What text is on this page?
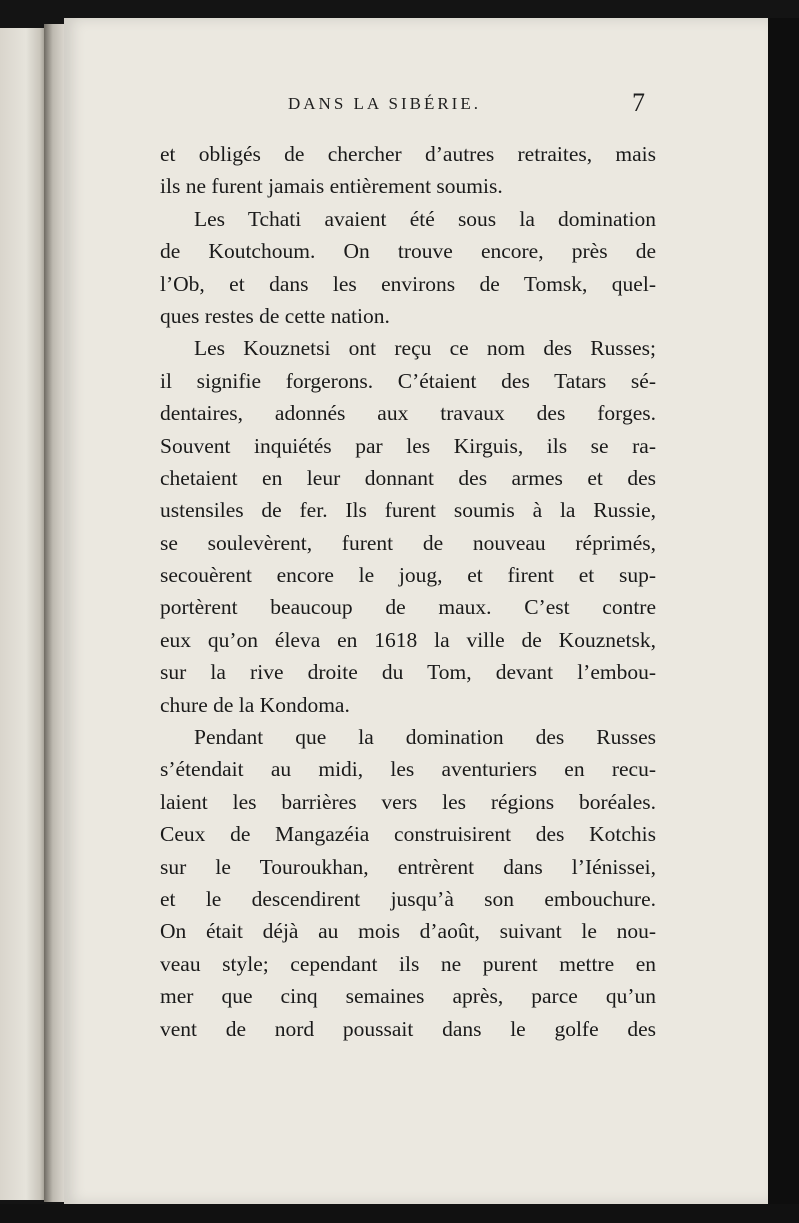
DANS LA SIBÉRIE.	7
et obligés de chercher d’autres retraites, mais
ils ne furent jamais entièrement soumis.
Les Tchati avaient été sous la domination
de Koutchoum. On trouve encore, près de
l’Ob, et dans les environs de Tomsk, quel-
ques restes de cette nation.
Les Kouznetsi ont reçu ce nom des Russes;
il signifie forgerons. C’étaient des Tatars sé-
dentaires, adonnés aux travaux des forges.
Souvent inquiétés par les Kirguis, ils se ra-
chetaient en leur donnant des armes et des
ustensiles de fer. Ils furent soumis à la Russie,
se soulevèrent, furent de nouveau réprimés,
secouèrent encore le joug, et firent et sup-
portèrent beaucoup de maux. C’est contre
eux qu’on éleva en 1618 la ville de Kouznetsk,
sur la rive droite du Tom, devant l’embou-
chure de la Kondoma.
Pendant que la domination des Russes
s’étendait au midi, les aventuriers en recu-
laient les barrières vers les régions boréales.
Ceux de Mangazéia construisirent des Kotchis
sur le Touroukhan, entrèrent dans l’Iénissei,
et le descendirent jusqu’à son embouchure.
On était déjà au mois d’août, suivant le nou-
veau style; cependant ils ne purent mettre en
mer que cinq semaines après, parce qu’un
vent de nord poussait dans le golfe des
